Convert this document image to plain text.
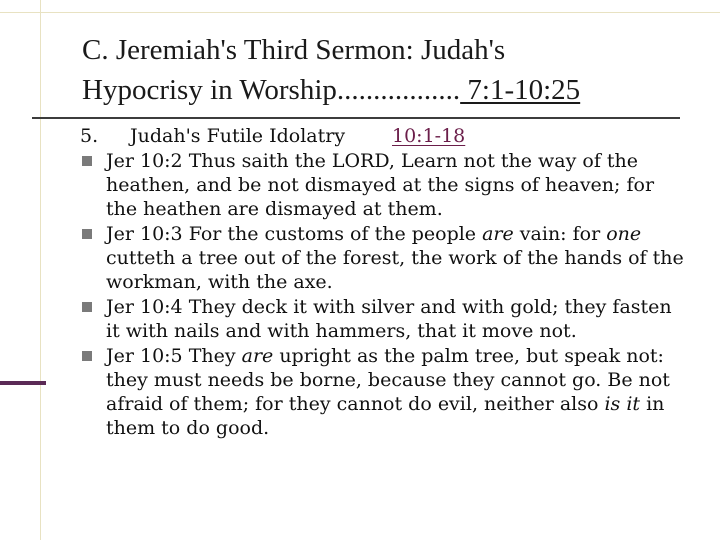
C. Jeremiah's Third Sermon: Judah's
Hypocrisy in Worship................. 7:1-10:25
5. Judah's Futile Idolatry 10:1-18
Jer 10:2 Thus saith the LORD, Learn not the way of the heathen, and be not dismayed at the signs of heaven; for the heathen are dismayed at them.
Jer 10:3 For the customs of the people are vain: for one cutteth a tree out of the forest, the work of the hands of the workman, with the axe.
Jer 10:4 They deck it with silver and with gold; they fasten it with nails and with hammers, that it move not.
Jer 10:5 They are upright as the palm tree, but speak not: they must needs be borne, because they cannot go. Be not afraid of them; for they cannot do evil, neither also is it in them to do good.
